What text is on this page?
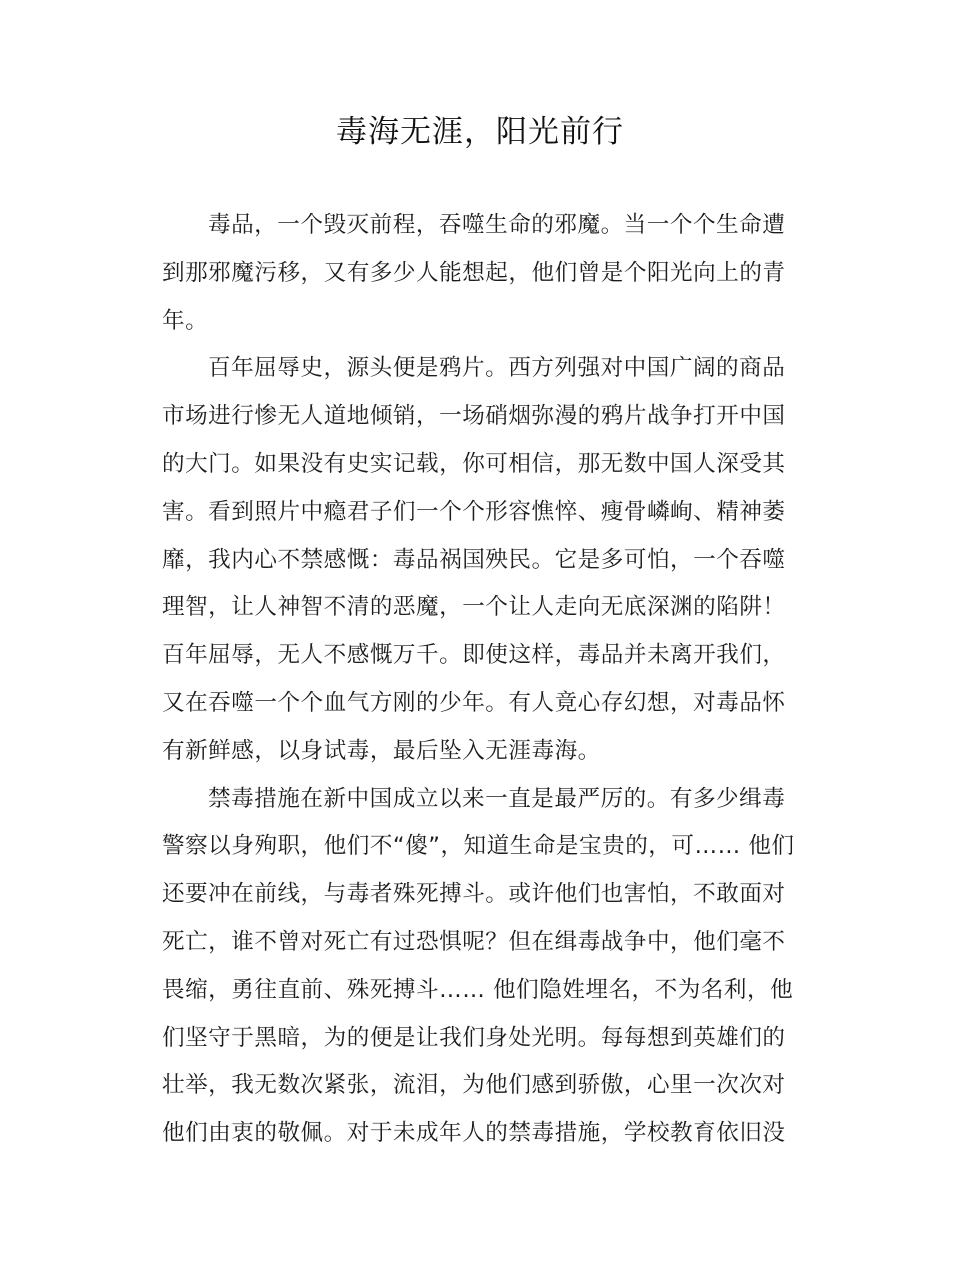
毒海无涯，阳光前行

毒品，一个毁灭前程，吞噬生命的邪魔。当一个个生命遭
到那邪魔污移，又有多少人能想起，他们曾是个阳光向上的青
年。

百年屈辱史，源头便是鸦片。西方列强对中国广阔的商品
市场进行惨无人道地倾销，一场硝烟弥漫的鸦片战争打开中国
的大门。如果没有史实记载，你可相信，那无数中国人深受其
害。看到照片中瘾君子们一个个形容憔悴、瘦骨嶙峋、精神萎
靡，我内心不禁感慨：毒品祸国殃民。它是多可怕，一个吞噬
理智，让人神智不清的恶魔，一个让人走向无底深渊的陷阱！
百年屈辱，无人不感慨万千。即使这样，毒品并未离开我们，
又在吞噬一个个血气方刚的少年。有人竟心存幻想，对毒品怀
有新鲜感，以身试毒，最后坠入无涯毒海。

禁毒措施在新中国成立以来一直是最严厉的。有多少缉毒
警察以身殉职，他们不“傻”，知道生命是宝贵的，可…… 他们
还要冲在前线，与毒者殊死搏斗。或许他们也害怕，不敢面对
死亡，谁不曾对死亡有过恐惧呢？但在缉毒战争中，他们毫不
畏缩，勇往直前、殊死搏斗…… 他们隐姓埋名，不为名利，他
们坚守于黑暗，为的便是让我们身处光明。每每想到英雄们的
壮举，我无数次紧张，流泪，为他们感到骄傲，心里一次次对
他们由衷的敬佩。对于未成年人的禁毒措施，学校教育依旧没
